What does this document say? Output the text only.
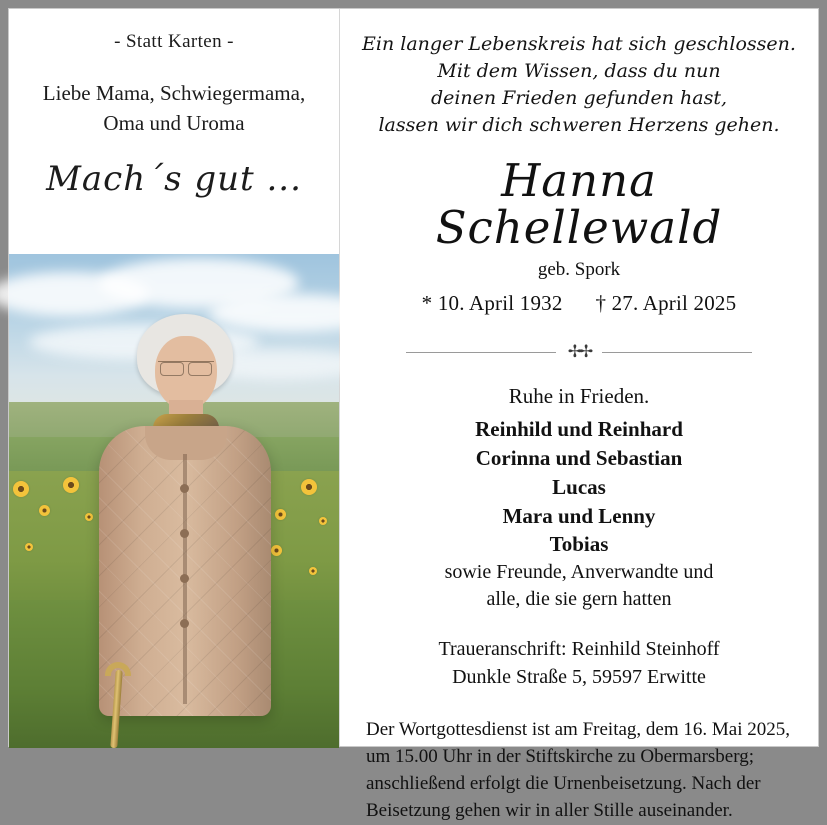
- Statt Karten -
Liebe Mama, Schwiegermama,
Oma und Uroma
Mach´s gut ...
Ein langer Lebenskreis hat sich geschlossen.
Mit dem Wissen, dass du nun
deinen Frieden gefunden hast,
lassen wir dich schweren Herzens gehen.
Hanna Schellewald
geb. Spork
* 10. April 1932 † 27. April 2025
✢✢
Ruhe in Frieden.
Reinhild und Reinhard
Corinna und Sebastian
Lucas
Mara und Lenny
Tobias
sowie Freunde, Anverwandte und
alle, die sie gern hatten
Traueranschrift: Reinhild Steinhoff
Dunkle Straße 5, 59597 Erwitte
Der Wortgottesdienst ist am Freitag, dem 16. Mai 2025, um 15.00 Uhr in der Stiftskirche zu Obermarsberg; anschließend erfolgt die Urnenbeisetzung. Nach der Beisetzung gehen wir in aller Stille auseinander.
